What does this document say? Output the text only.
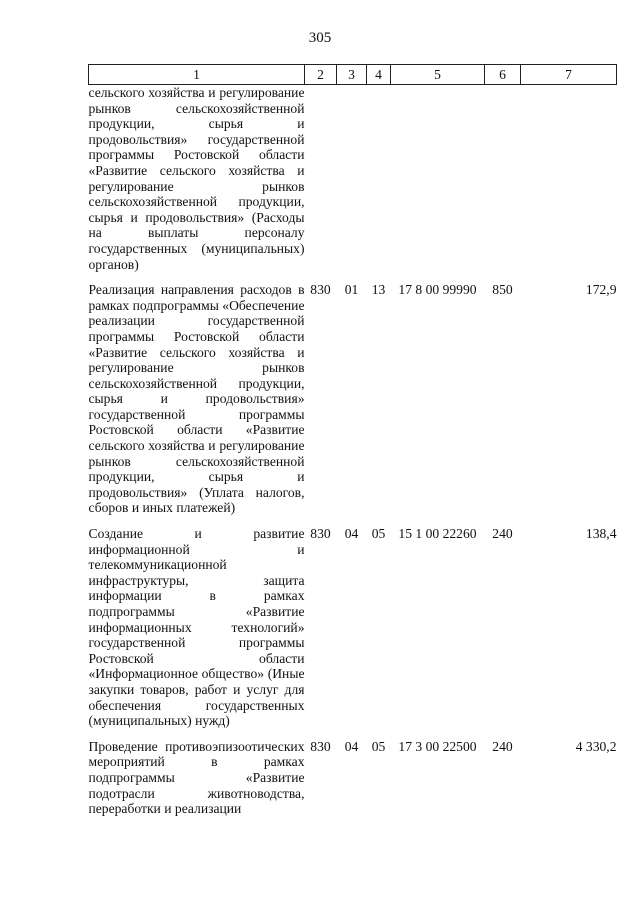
305
1	2	3	4	5	6	7
сельского хозяйства и регулирование рынков сельскохозяйственной продукции, сырья и продовольствия» государственной программы Ростовской области «Развитие сельского хозяйства и регулирование рынков сельскохозяйственной продукции, сырья и продовольствия» (Расходы на выплаты персоналу государственных (муниципальных) органов)						
Реализация направления расходов в рамках подпрограммы «Обеспечение реализации государственной программы Ростовской области «Развитие сельского хозяйства и регулирование рынков сельскохозяйственной продукции, сырья и продовольствия» государственной программы Ростовской области «Развитие сельского хозяйства и регулирование рынков сельскохозяйственной продукции, сырья и продовольствия» (Уплата налогов, сборов и иных платежей)	830	01	13	17 8 00 99990	850	172,9
Создание и развитие информационной и телекоммуникационной инфраструктуры, защита информации в рамках подпрограммы «Развитие информационных технологий» государственной программы Ростовской области «Информационное общество» (Иные закупки товаров, работ и услуг для обеспечения государственных (муниципальных) нужд)	830	04	05	15 1 00 22260	240	138,4
Проведение противоэпизоотических мероприятий в рамках подпрограммы «Развитие подотрасли животноводства, переработки и реализации	830	04	05	17 3 00 22500	240	4 330,2
